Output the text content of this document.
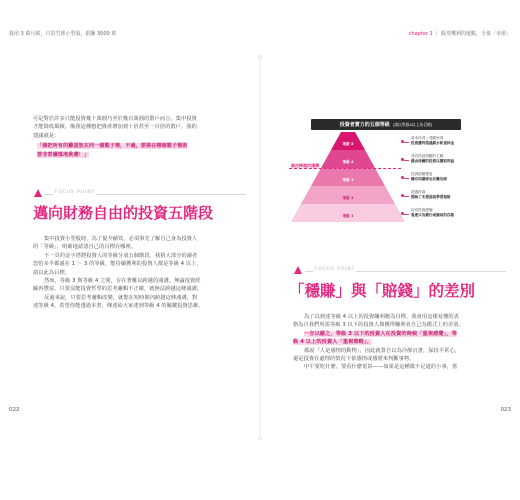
我用 3 萬月薪，只買雪球小型股，狠賺 3000 萬
可是對於許多只能投資幾十萬圓乃至於幾百萬圓的散戶而言，集中投資
才能降低風險，像我這種想把資產增加到十倍甚至一百倍的散戶，我的
建議就是：
「請把所有的雞蛋放在同一個籃子裡，不過，要裝在哪個籃子裡則
要非常謹慎地挑選！」
FOCUS POINT
邁向財務自由的投資五階段
集中投資小型股時，為了提升績效，必須事先了解自己身為投資人
的「等級」，明確地認清自己的目標在哪裡。
下一頁的金字塔將投資人的等級分成五個階段，我猜大部分的讀者
恐怕多半都還在 1 ～ 3 的等級，能持續獲利的投資人都是等級 4 以上，
請以此為目標。
然而，等級 3 與等級 4 之間，存在著難以跨越的鴻溝。無論投資經
驗再豐富，只要沒能投資哲學的思考邏輯不正確，就無法跨越這條鴻溝。
反過來說，只要思考邏輯改變，就能在短時間內跨越這條鴻溝，對
達等級 4。希望你能透過本書，傳達給大家達到等級 4 的關鍵投資思維。
022
chapter 1 ｜ 股票獲利的運點，全靠「市值」
投資者實力的五個等級 (請以等級4以上為目標)
等級 5
等級 4
等級 3
等級 2
等級 1
無法跨越的鴻溝
資本所得＞勞動所得
投資獲利超過薪水和退休金
具有投資判斷的主軸
藉由持續的投資以獲取利益
投資經驗豐富
擁有知識卻也有賺有賠
透過投資
開始了未想認真學習理財
沒有投資經驗
資產只有銀行或郵局的存款
FOCUS POINT
「穩賺」與「賠錢」的差別
為了以到達等級 4 以上的投資賺利範為目標，我會用這樣易懂的表
格為自我們所需等級 3 以下的投資人與獲得賺利者自己為模式上的差別。
一言以蔽之，等級 3 以下的投資人在投資的時候「重視感覺」，等
級 4 以上的投資人「重視策略」。
都說「人是感情的動物」，因此就算自以為冷靜沉著，保持平常心，
還是投資在處理的情況下依感情或感覺來判斷事物。
中午要吃什麼、要看什麼電影——如果是這種微不足道的小事，當
023
